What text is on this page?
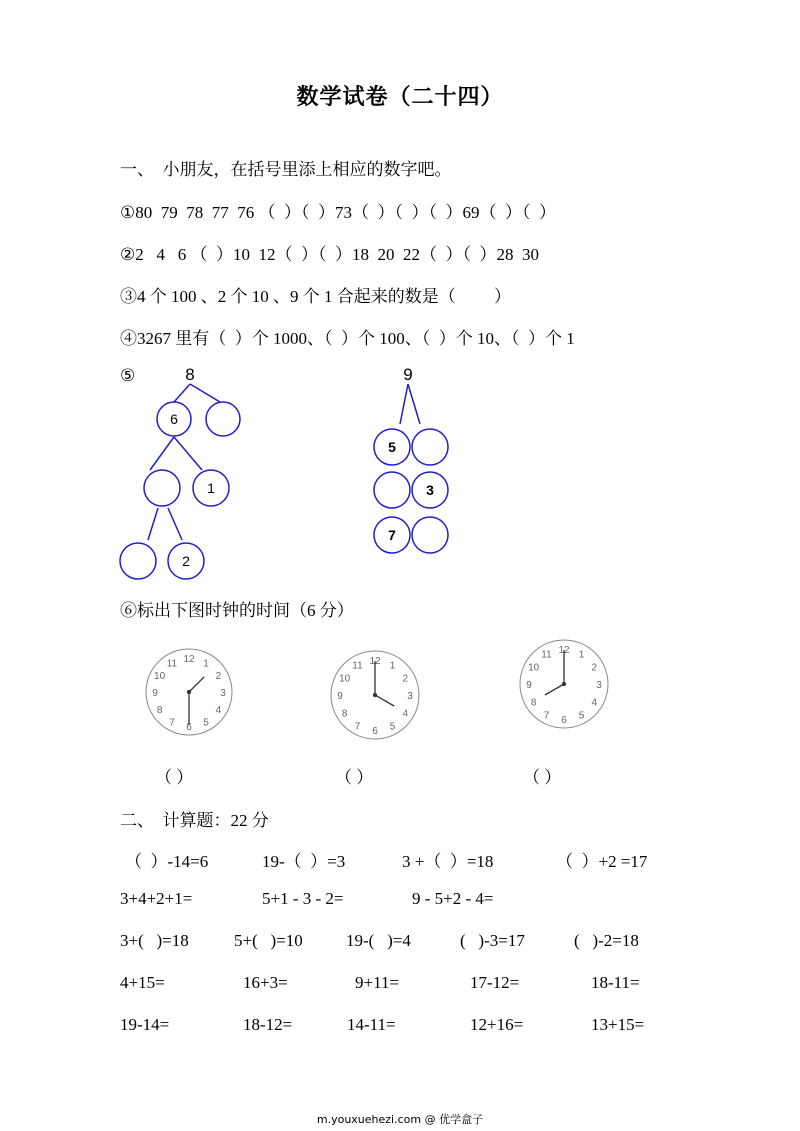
数学试卷（二十四）
一、  小朋友，在括号里添上相应的数字吧。
①80  79  78  77  76 （  ）（  ）73（  ）（  ）（  ）69（  ）（  ）
②2   4   6 （  ）10  12（  ）（  ）18  20  22（  ）（  ）28  30
③4 个 100 、2 个 10 、9 个 1 合起来的数是（         ）
④3267 里有（  ）个 1000、（  ）个 100、（  ）个 10、（  ）个 1
⑤	8
6
1
2
9
5
3
7
⑥标出下图时钟的时间（6 分）
12 1
2
3
4
5
6
7
8
9
10
11	12 1
2
3
4
5
6
7
8
9
10
11
12 1
2
3
4
5
6
7
8
9
10
11
（ ）	（ ）	（ ）
二、  计算题：22 分
（  ）-14=6	19-（  ）=3	3 +（  ）=18	（  ）+2 =17
3+4+2+1=	5+1 - 3 - 2=	9 - 5+2 - 4=
3+(   )=18	5+(   )=10	19-(   )=4	(   )-3=17	(   )-2=18
4+15=	16+3=	9+11=	17-12=	18-11=
19-14=	18-12=	14-11=	12+16=	13+15=
m.youxuehezi.com @ 优学盒子
